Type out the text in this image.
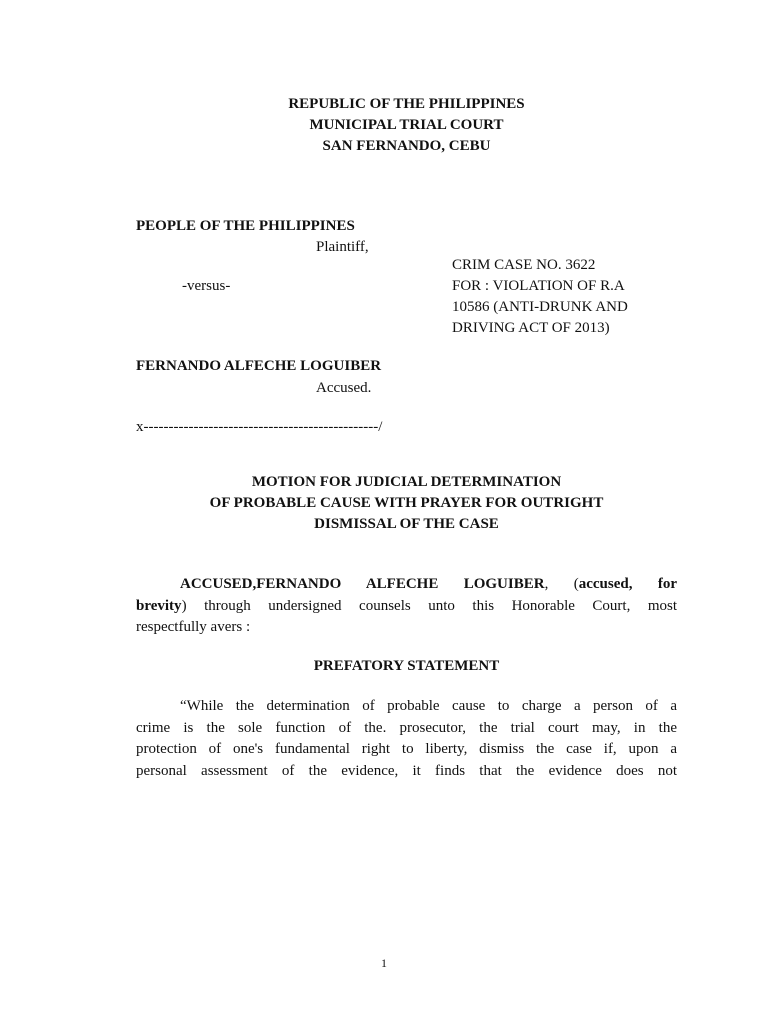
REPUBLIC OF THE PHILIPPINES
MUNICIPAL TRIAL COURT
SAN FERNANDO, CEBU
PEOPLE OF THE PHILIPPINES
Plaintiff,
-versus-
CRIM CASE NO. 3622
FOR : VIOLATION OF R.A
10586 (ANTI-DRUNK AND
DRIVING ACT OF 2013)
FERNANDO ALFECHE LOGUIBER
Accused.
x-----------------------------------------------/
MOTION FOR JUDICIAL DETERMINATION
OF PROBABLE CAUSE WITH PRAYER FOR OUTRIGHT
DISMISSAL OF THE CASE
ACCUSED,FERNANDO ALFECHE LOGUIBER, (accused, for
brevity) through undersigned counsels unto this Honorable Court, most
respectfully avers :
PREFATORY STATEMENT
“While the determination of probable cause to charge a person of a
crime is the sole function of the. prosecutor, the trial court may, in the
protection of one's fundamental right to liberty, dismiss the case if, upon a
personal assessment of the evidence, it finds that the evidence does not
1
